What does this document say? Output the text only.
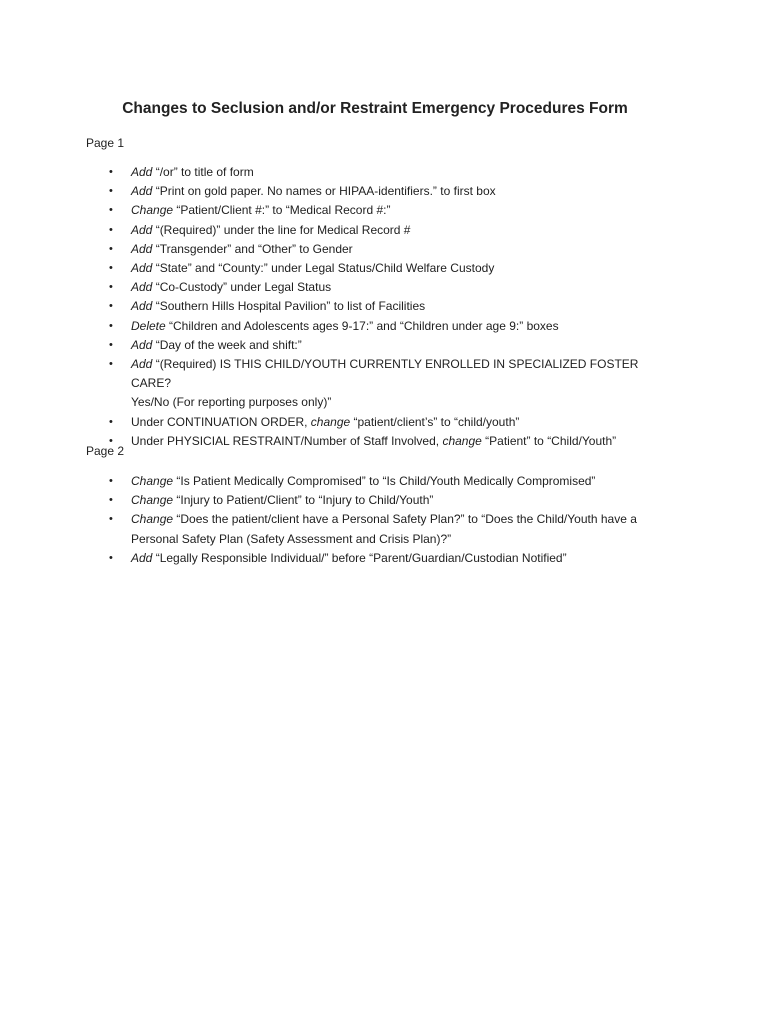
Changes to Seclusion and/or Restraint Emergency Procedures Form
Page 1
• Add “/or” to title of form
• Add “Print on gold paper. No names or HIPAA-identifiers.” to first box
• Change “Patient/Client #:” to “Medical Record #:”
• Add “(Required)” under the line for Medical Record #
• Add “Transgender” and “Other” to Gender
• Add “State” and “County:” under Legal Status/Child Welfare Custody
• Add “Co-Custody” under Legal Status
• Add “Southern Hills Hospital Pavilion” to list of Facilities
• Delete “Children and Adolescents ages 9-17:” and “Children under age 9:” boxes
• Add “Day of the week and shift:”
• Add “(Required) IS THIS CHILD/YOUTH CURRENTLY ENROLLED IN SPECIALIZED FOSTER CARE?
Yes/No (For reporting purposes only)”
• Under CONTINUATION ORDER, change “patient/client’s” to “child/youth”
• Under PHYSICIAL RESTRAINT/Number of Staff Involved, change “Patient” to “Child/Youth”
Page 2
• Change “Is Patient Medically Compromised” to “Is Child/Youth Medically Compromised”
• Change “Injury to Patient/Client” to “Injury to Child/Youth”
• Change “Does the patient/client have a Personal Safety Plan?” to “Does the Child/Youth have a
Personal Safety Plan (Safety Assessment and Crisis Plan)?”
• Add “Legally Responsible Individual/” before “Parent/Guardian/Custodian Notified”
